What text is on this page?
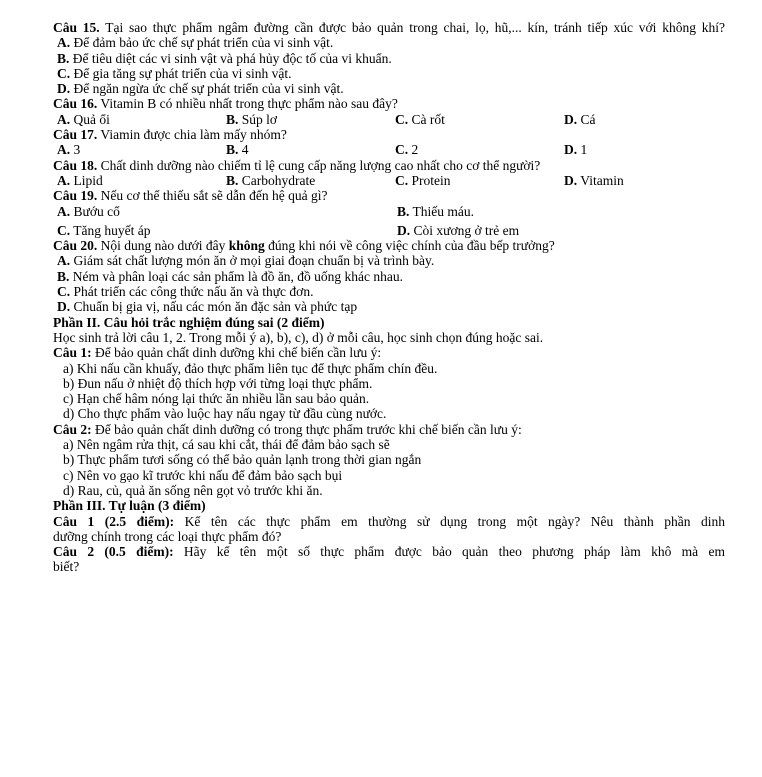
Câu 15. Tại sao thực phẩm ngâm đường cần được bảo quản trong chai, lọ, hũ,... kín, tránh tiếp xúc với không khí?

A. Để đảm bảo ức chế sự phát triển của vi sinh vật.

B. Để tiêu diệt các vi sinh vật và phá hủy độc tố của vi khuẩn.

C. Để gia tăng sự phát triển của vi sinh vật.

D. Để ngăn ngừa ức chế sự phát triển của vi sinh vật.

Câu 16. Vitamin B có nhiều nhất trong thực phẩm nào sau đây?

A. Quả ổi	B. Súp lơ	C. Cà rốt	D. Cá

Câu 17. Viamin được chia làm mấy nhóm?

A. 3	B. 4	C. 2	D. 1

Câu 18. Chất dinh dưỡng nào chiếm tỉ lệ cung cấp năng lượng cao nhất cho cơ thể người?

A. Lipid	B. Carbohydrate	C. Protein	D. Vitamin

Câu 19. Nếu cơ thể thiếu sắt sẽ dẫn đến hệ quả gì?

A. Bướu cổ	B. Thiếu máu.
C. Tăng huyết áp	D. Còi xương ở trẻ em

Câu 20. Nội dung nào dưới đây không đúng khi nói về công việc chính của đầu bếp trưởng?

A. Giám sát chất lượng món ăn ở mọi giai đoạn chuẩn bị và trình bày.

B. Ném và phân loại các sản phẩm là đồ ăn, đồ uống khác nhau.

C. Phát triển các công thức nấu ăn và thực đơn.

D. Chuẩn bị gia vị, nấu các món ăn đặc sản và phức tạp

Phần II. Câu hỏi trắc nghiệm đúng sai (2 điểm)

Học sinh trả lời câu 1, 2. Trong mỗi ý a), b), c), d) ở mỗi câu, học sinh chọn đúng hoặc sai.

Câu 1: Để bảo quản chất dinh dưỡng khi chế biến cần lưu ý:

a) Khi nấu cần khuấy, đảo thực phẩm liên tục để thực phẩm chín đều.

b) Đun nấu ở nhiệt độ thích hợp với từng loại thực phẩm.

c) Hạn chế hâm nóng lại thức ăn nhiều lần sau bảo quản.

d) Cho thực phẩm vào luộc hay nấu ngay từ đầu cùng nước.

Câu 2: Để bảo quản chất dinh dưỡng có trong thực phẩm trước khi chế biến cần lưu ý:

a) Nên ngâm rửa thịt, cá sau khi cắt, thái để đảm bảo sạch sẽ

b) Thực phẩm tươi sống có thể bảo quản lạnh trong thời gian ngắn

c) Nên vo gạo kĩ trước khi nấu để đảm bảo sạch bụi

d) Rau, củ, quả ăn sống nên gọt vỏ trước khi ăn.

Phần III. Tự luận (3 điểm)

Câu 1 (2.5 điểm): Kể tên các thực phẩm em thường sử dụng trong một ngày? Nêu thành phần dinh

dưỡng chính trong các loại thực phẩm đó?

Câu 2 (0.5 điểm): Hãy kể tên một số thực phẩm được bảo quản theo phương pháp làm khô mà em

biết?
